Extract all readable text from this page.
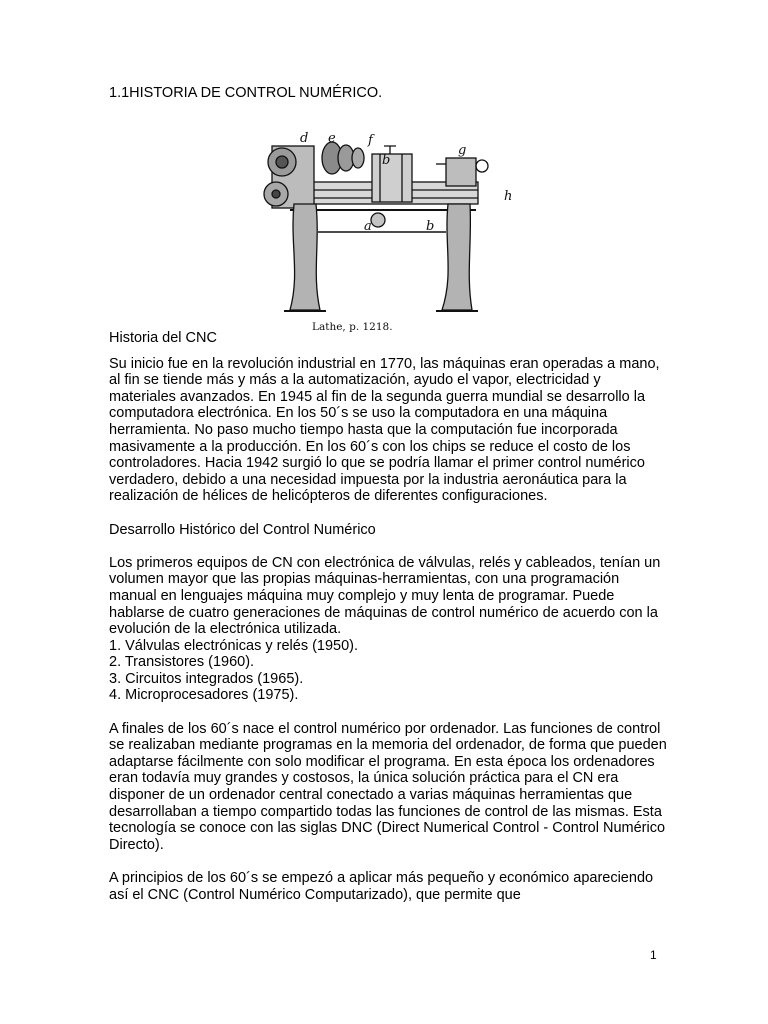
1.1HISTORIA DE CONTROL NUMÉRICO.
d e f
b
g
h
a	b
Lathe, p. 1218.

Historia del CNC

Su inicio fue en la revolución industrial en 1770, las máquinas eran operadas a mano, al fin se tiende más y más a la automatización, ayudo el vapor, electricidad y materiales avanzados. En 1945 al fin de la segunda guerra mundial se desarrollo la computadora electrónica. En los 50´s se uso la computadora en una máquina herramienta. No paso mucho tiempo hasta que la computación fue incorporada masivamente a la producción. En los 60´s con los chips se reduce el costo de los controladores. Hacia 1942 surgió lo que se podría llamar el primer control numérico verdadero, debido a una necesidad impuesta por la industria aeronáutica para la realización de hélices de helicópteros de diferentes configuraciones.

Desarrollo Histórico del Control Numérico

Los primeros equipos de CN con electrónica de válvulas, relés y cableados, tenían un volumen mayor que las propias máquinas-herramientas, con una programación manual en lenguajes máquina muy complejo y muy lenta de programar. Puede hablarse de cuatro generaciones de máquinas de control numérico de acuerdo con la evolución de la electrónica utilizada.

1. Válvulas electrónicas y relés (1950).
2. Transistores (1960).
3. Circuitos integrados (1965).
4. Microprocesadores (1975).

A finales de los 60´s nace el control numérico por ordenador. Las funciones de control se realizaban mediante programas en la memoria del ordenador, de forma que pueden adaptarse fácilmente con solo modificar el programa. En esta época los ordenadores eran todavía muy grandes y costosos, la única solución práctica para el CN era disponer de un ordenador central conectado a varias máquinas herramientas que desarrollaban a tiempo compartido todas las funciones de control de las mismas. Esta tecnología se conoce con las siglas DNC (Direct Numerical Control - Control Numérico Directo).

A principios de los 60´s se empezó a aplicar más pequeño y económico apareciendo así el CNC (Control Numérico Computarizado), que permite que

1
